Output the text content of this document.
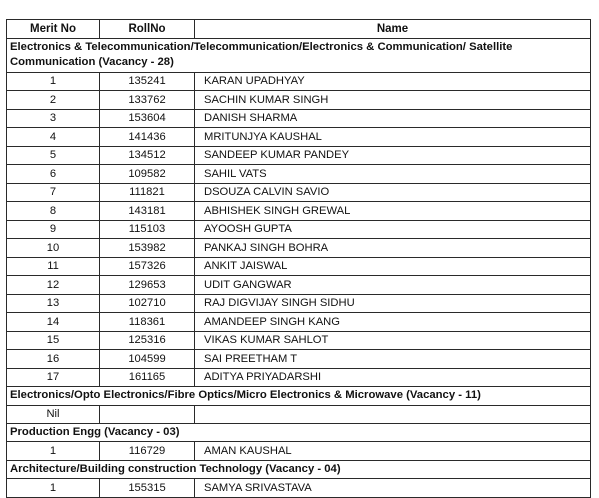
Merit No	RollNo	Name
Electronics & Telecommunication/Telecommunication/Electronics & Communication/ Satellite Communication (Vacancy - 28)		
1	135241	KARAN UPADHYAY
2	133762	SACHIN KUMAR SINGH
3	153604	DANISH SHARMA
4	141436	MRITUNJYA KAUSHAL
5	134512	SANDEEP KUMAR PANDEY
6	109582	SAHIL VATS
7	111821	DSOUZA CALVIN SAVIO
8	143181	ABHISHEK SINGH GREWAL
9	115103	AYOOSH GUPTA
10	153982	PANKAJ SINGH BOHRA
11	157326	ANKIT JAISWAL
12	129653	UDIT GANGWAR
13	102710	RAJ DIGVIJAY SINGH SIDHU
14	118361	AMANDEEP SINGH KANG
15	125316	VIKAS KUMAR SAHLOT
16	104599	SAI PREETHAM T
17	161165	ADITYA PRIYADARSHI
Electronics/Opto Electronics/Fibre Optics/Micro Electronics & Microwave (Vacancy - 11)		
Nil		
Production Engg (Vacancy - 03)		
1	116729	AMAN KAUSHAL
Architecture/Building construction Technology (Vacancy - 04)		
1	155315	SAMYA SRIVASTAVA
